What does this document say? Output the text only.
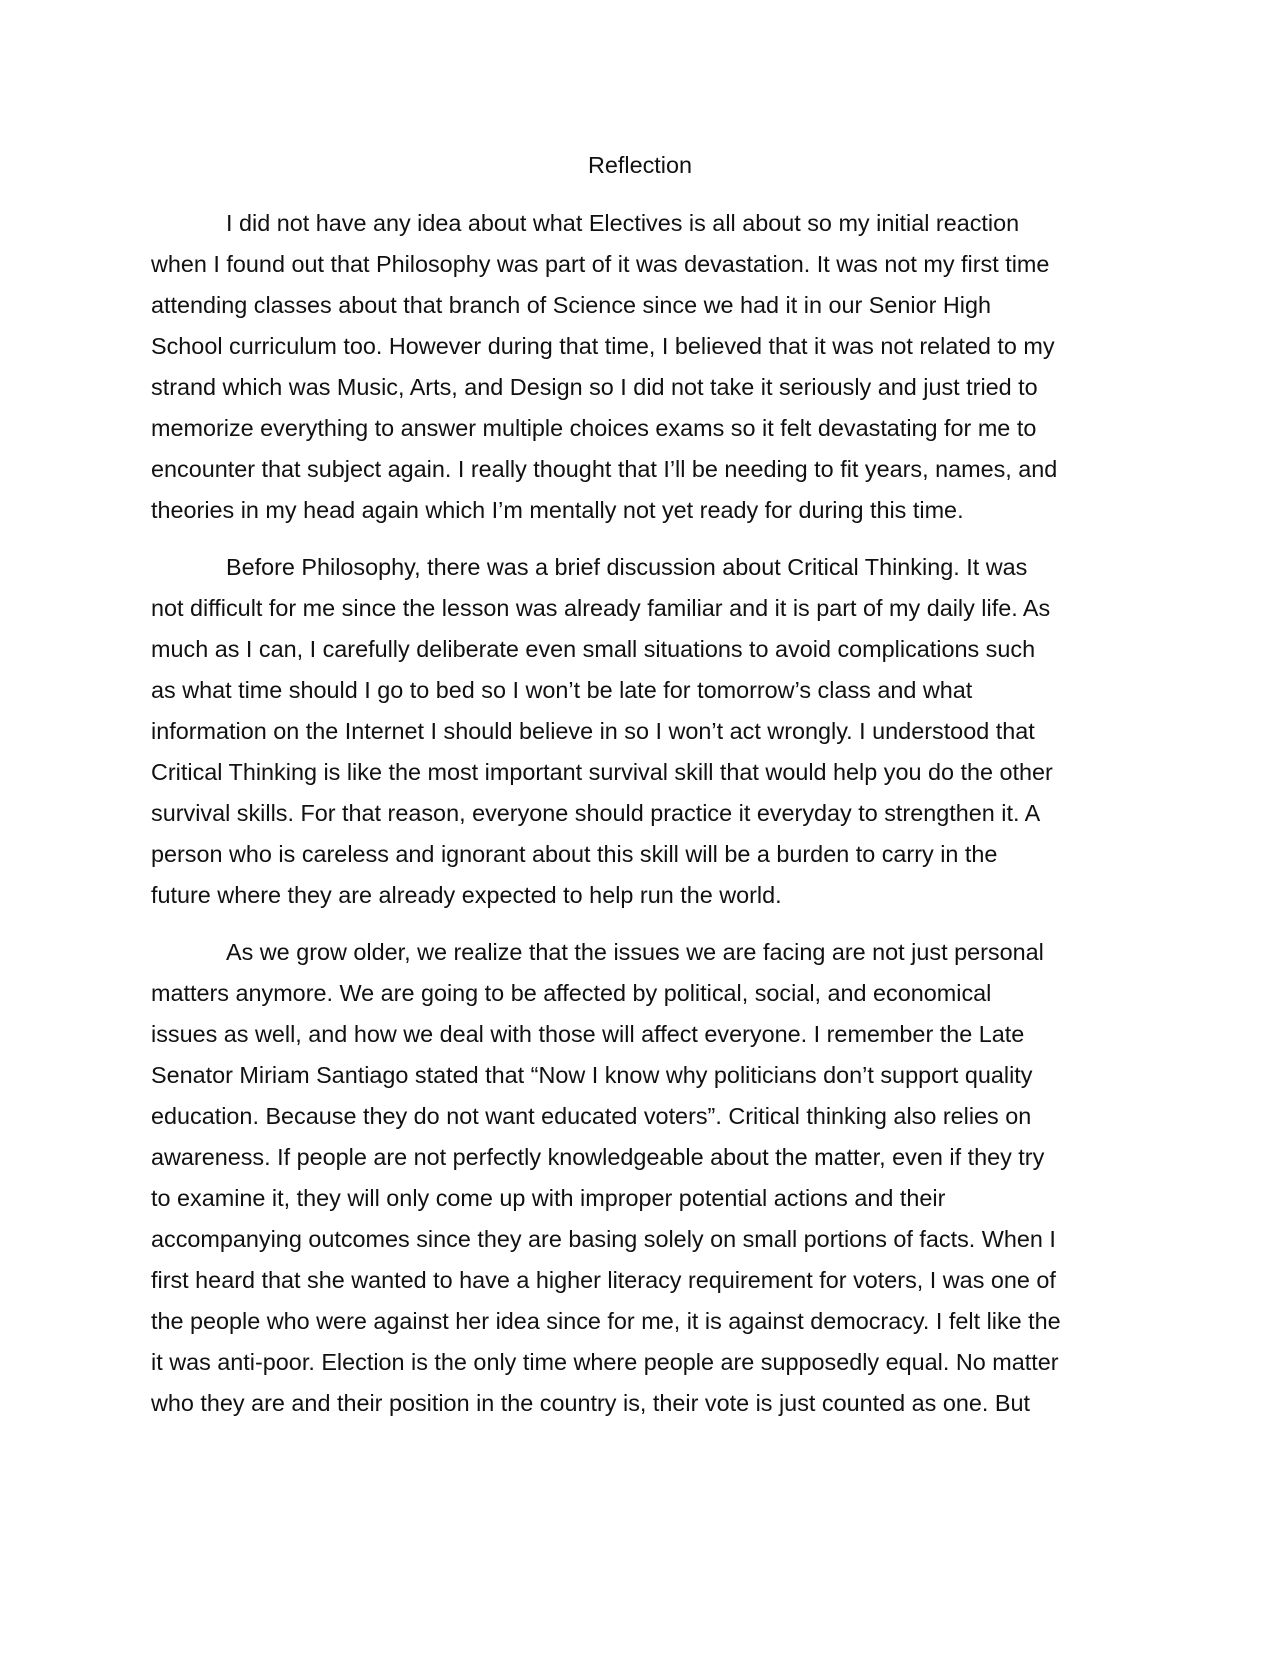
Reflection
I did not have any idea about what Electives is all about so my initial reaction
when I found out that Philosophy was part of it was devastation. It was not my first time
attending classes about that branch of Science since we had it in our Senior High
School curriculum too. However during that time, I believed that it was not related to my
strand which was Music, Arts, and Design so I did not take it seriously and just tried to
memorize everything to answer multiple choices exams so it felt devastating for me to
encounter that subject again. I really thought that I’ll be needing to fit years, names, and
theories in my head again which I’m mentally not yet ready for during this time.
Before Philosophy, there was a brief discussion about Critical Thinking. It was
not difficult for me since the lesson was already familiar and it is part of my daily life. As
much as I can, I carefully deliberate even small situations to avoid complications such
as what time should I go to bed so I won’t be late for tomorrow’s class and what
information on the Internet I should believe in so I won’t act wrongly. I understood that
Critical Thinking is like the most important survival skill that would help you do the other
survival skills. For that reason, everyone should practice it everyday to strengthen it. A
person who is careless and ignorant about this skill will be a burden to carry in the
future where they are already expected to help run the world.
As we grow older, we realize that the issues we are facing are not just personal
matters anymore. We are going to be affected by political, social, and economical
issues as well, and how we deal with those will affect everyone. I remember the Late
Senator Miriam Santiago stated that “Now I know why politicians don’t support quality
education. Because they do not want educated voters”. Critical thinking also relies on
awareness. If people are not perfectly knowledgeable about the matter, even if they try
to examine it, they will only come up with improper potential actions and their
accompanying outcomes since they are basing solely on small portions of facts. When I
first heard that she wanted to have a higher literacy requirement for voters, I was one of
the people who were against her idea since for me, it is against democracy. I felt like the
it was anti-poor. Election is the only time where people are supposedly equal. No matter
who they are and their position in the country is, their vote is just counted as one. But
